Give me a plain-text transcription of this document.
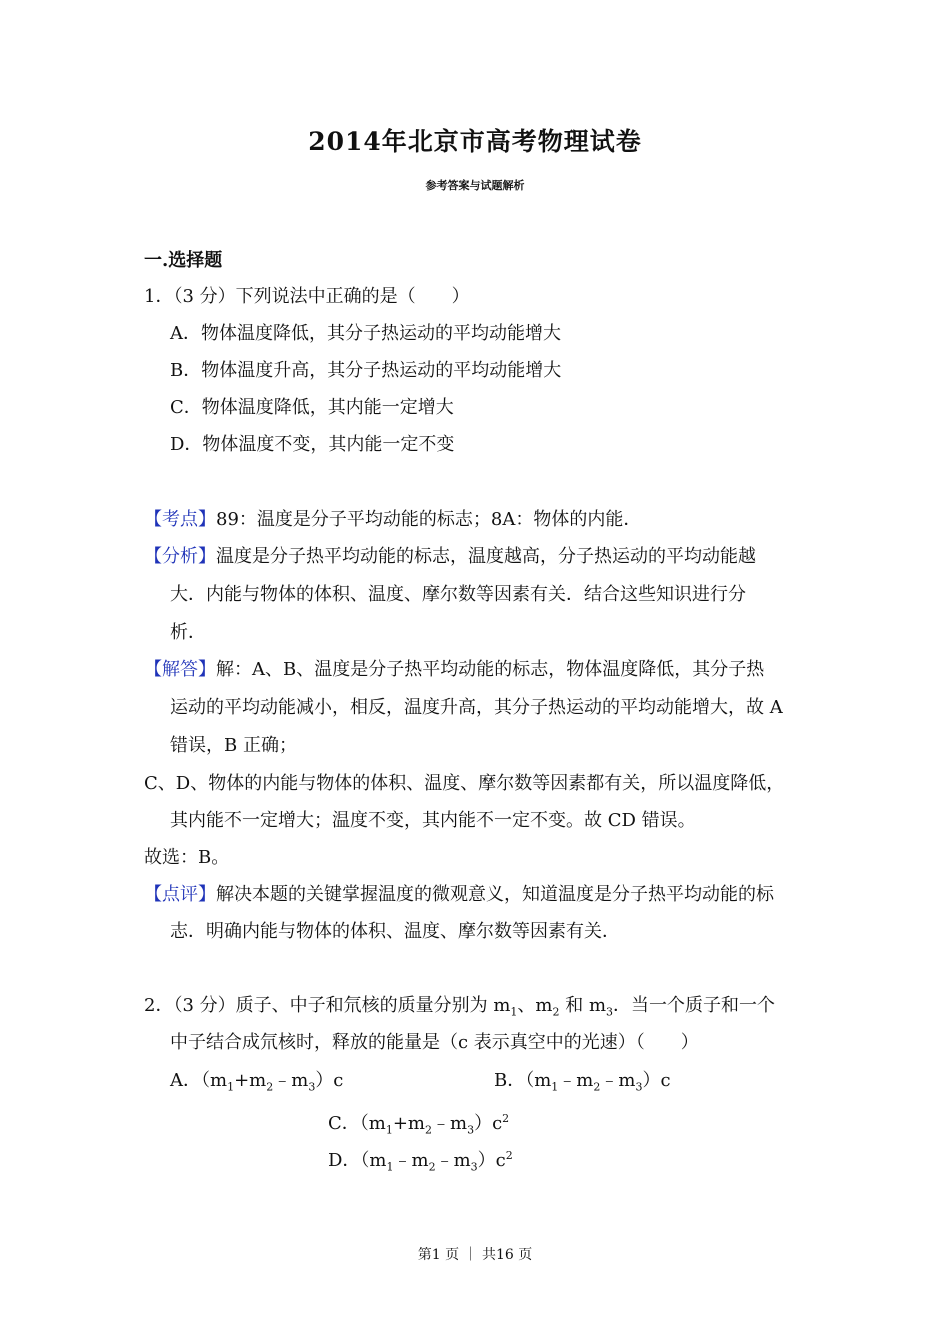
2014年北京市高考物理试卷
参考答案与试题解析
一.选择题
1．（3 分）下列说法中正确的是（　　）
A．物体温度降低，其分子热运动的平均动能增大
B．物体温度升高，其分子热运动的平均动能增大
C．物体温度降低，其内能一定增大
D．物体温度不变，其内能一定不变
【考点】89：温度是分子平均动能的标志；8A：物体的内能．
【分析】温度是分子热平均动能的标志，温度越高，分子热运动的平均动能越
大．内能与物体的体积、温度、摩尔数等因素有关．结合这些知识进行分
析．
【解答】解：A、B、温度是分子热平均动能的标志，物体温度降低，其分子热
运动的平均动能减小，相反，温度升高，其分子热运动的平均动能增大，故 A
错误，B 正确；
C、D、物体的内能与物体的体积、温度、摩尔数等因素都有关，所以温度降低，
其内能不一定增大；温度不变，其内能不一定不变。故 CD 错误。
故选：B。
【点评】解决本题的关键掌握温度的微观意义，知道温度是分子热平均动能的标
志．明确内能与物体的体积、温度、摩尔数等因素有关．
2．（3 分）质子、中子和氘核的质量分别为 $m_1$、$m_2$ 和 $m_3$．当一个质子和一个
中子结合成氘核时，释放的能量是（c 表示真空中的光速）（　　）
A．$(m_1+m_2﹣m_3)c$	B．$(m_1﹣m_2﹣m_3)c$
C．$(m_1+m_2﹣m_3)c^2$
D．$(m_1﹣m_2﹣m_3)c^2$
第1 页 ｜ 共16 页
